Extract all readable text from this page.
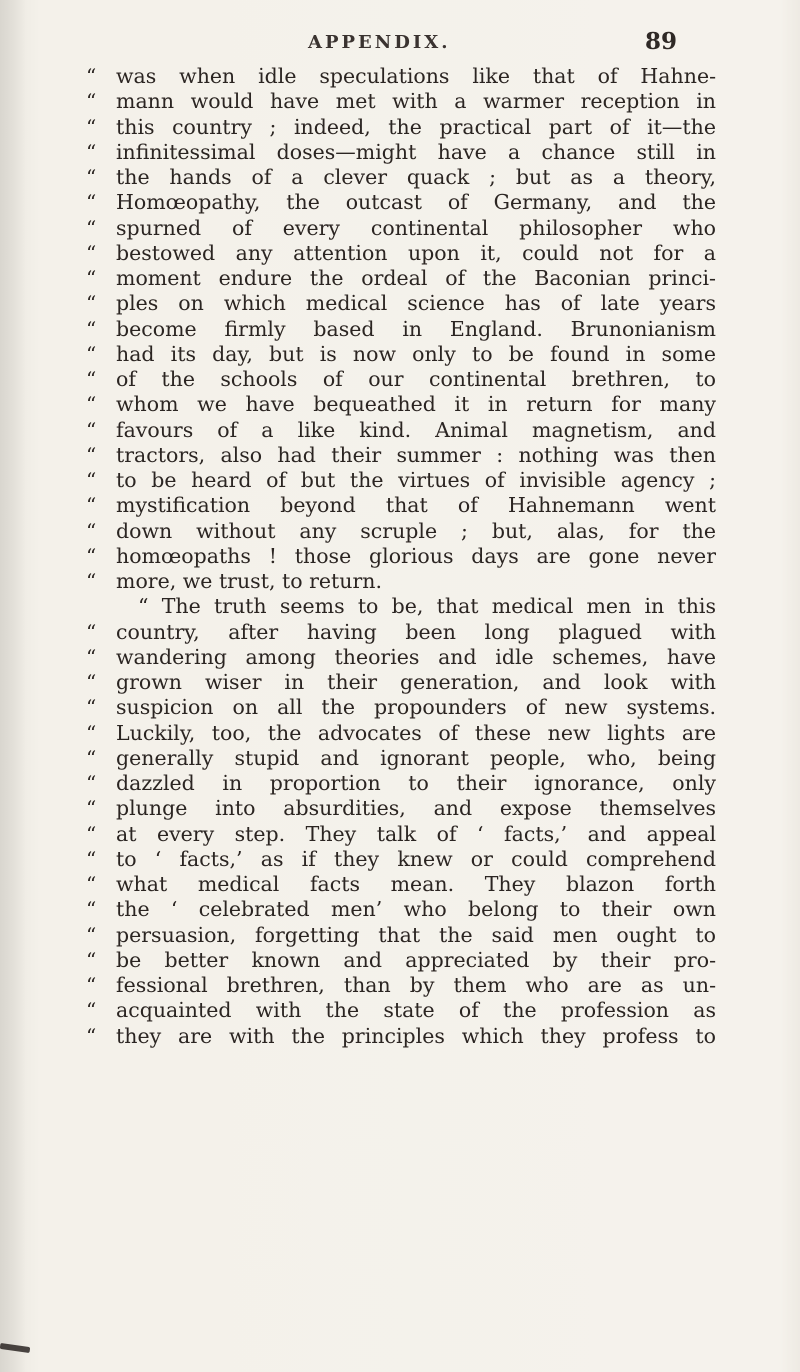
APPENDIX.	89
“ was when idle speculations like that of Hahne-
“ mann would have met with a warmer reception in
“ this country ; indeed, the practical part of it—the
“ infinitessimal doses—might have a chance still in
“ the hands of a clever quack ; but as a theory,
“ Homœopathy, the outcast of Germany, and the
“ spurned of every continental philosopher who
“ bestowed any attention upon it, could not for a
“ moment endure the ordeal of the Baconian princi-
“ ples on which medical science has of late years
“ become firmly based in England. Brunonianism
“ had its day, but is now only to be found in some
“ of the schools of our continental brethren, to
“ whom we have bequeathed it in return for many
“ favours of a like kind. Animal magnetism, and
“ tractors, also had their summer : nothing was then
“ to be heard of but the virtues of invisible agency ;
“ mystification beyond that of Hahnemann went
“ down without any scruple ; but, alas, for the
“ homœopaths ! those glorious days are gone never
“ more, we trust, to return.
“ The truth seems to be, that medical men in this
“ country, after having been long plagued with
“ wandering among theories and idle schemes, have
“ grown wiser in their generation, and look with
“ suspicion on all the propounders of new systems.
“ Luckily, too, the advocates of these new lights are
“ generally stupid and ignorant people, who, being
“ dazzled in proportion to their ignorance, only
“ plunge into absurdities, and expose themselves
“ at every step. They talk of ‘ facts,’ and appeal
“ to ‘ facts,’ as if they knew or could comprehend
“ what medical facts mean. They blazon forth
“ the ‘ celebrated men’ who belong to their own
“ persuasion, forgetting that the said men ought to
“ be better known and appreciated by their pro-
“ fessional brethren, than by them who are as un-
“ acquainted with the state of the profession as
“ they are with the principles which they profess to
